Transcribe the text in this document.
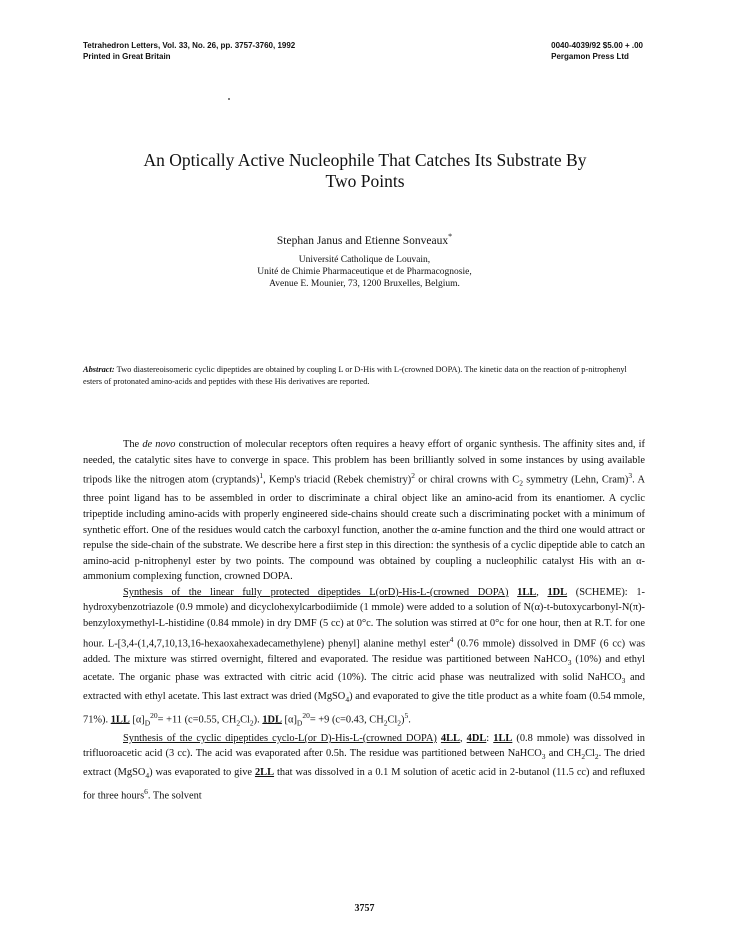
Tetrahedron Letters, Vol. 33, No. 26, pp. 3757-3760, 1992
Printed in Great Britain
0040-4039/92 $5.00 + .00
Pergamon Press Ltd
An Optically Active Nucleophile That Catches Its Substrate By
Two Points
Stephan Janus and Etienne Sonveaux*
Université Catholique de Louvain,
Unité de Chimie Pharmaceutique et de Pharmacognosie,
Avenue E. Mounier, 73, 1200 Bruxelles, Belgium.
Abstract: Two diastereoisomeric cyclic dipeptides are obtained by coupling L or D-His with L-(crowned DOPA). The kinetic data on the reaction of p-nitrophenyl esters of protonated amino-acids and peptides with these His derivatives are reported.

The de novo construction of molecular receptors often requires a heavy effort of organic synthesis. The affinity sites and, if needed, the catalytic sites have to converge in space. This problem has been brilliantly solved in some instances by using available tripods like the nitrogen atom (cryptands)$^1$, Kemp's triacid (Rebek chemistry)$^2$ or chiral crowns with $C_2$ symmetry (Lehn, Cram)$^3$. A three point ligand has to be assembled in order to discriminate a chiral object like an amino-acid from its enantiomer. A cyclic tripeptide including amino-acids with properly engineered side-chains should create such a discriminating pocket with a minimum of synthetic effort. One of the residues would catch the carboxyl function, another the α-amine function and the third one would attract or repulse the side-chain of the substrate. We describe here a first step in this direction: the synthesis of a cyclic dipeptide able to catch an amino-acid p-nitrophenyl ester by two points. The compound was obtained by coupling a nucleophilic catalyst His with an α-ammonium complexing function, crowned DOPA.

Synthesis of the linear fully protected dipeptides L(orD)-His-L-(crowned DOPA) 1LL, 1DL (SCHEME): 1-hydroxybenzotriazole (0.9 mmole) and dicyclohexylcarbodiimide (1 mmole) were added to a solution of N(α)-t-butoxycarbonyl-N(π)-benzyloxymethyl-L-histidine (0.84 mmole) in dry DMF (5 cc) at 0°c. The solution was stirred at 0°c for one hour, then at R.T. for one hour. L-[3,4-(1,4,7,10,13,16-hexaoxahexadecamethylene) phenyl] alanine methyl ester$^4$ (0.76 mmole) dissolved in DMF (6 cc) was added. The mixture was stirred overnight, filtered and evaporated. The residue was partitioned between NaHCO$_3$ (10%) and ethyl acetate. The organic phase was extracted with citric acid (10%). The citric acid phase was neutralized with solid NaHCO$_3$ and extracted with ethyl acetate. This last extract was dried (MgSO$_4$) and evaporated to give the title product as a white foam (0.54 mmole, 71%). 1LL $[\alpha]_D^{20}= +11$ (c=0.55, $CH_2Cl_2$). 1DL $[\alpha]_D^{20}= +9$ (c=0.43, $CH_2Cl_2)^5$.

Synthesis of the cyclic dipeptides cyclo-L(or D)-His-L-(crowned DOPA) 4LL, 4DL: 1LL (0.8 mmole) was dissolved in trifluoroacetic acid (3 cc). The acid was evaporated after 0.5h. The residue was partitioned between NaHCO$_3$ and $CH_2Cl_2$. The dried extract (MgSO$_4$) was evaporated to give 2LL that was dissolved in a 0.1 M solution of acetic acid in 2-butanol (11.5 cc) and refluxed for three hours$^6$. The solvent

3757
